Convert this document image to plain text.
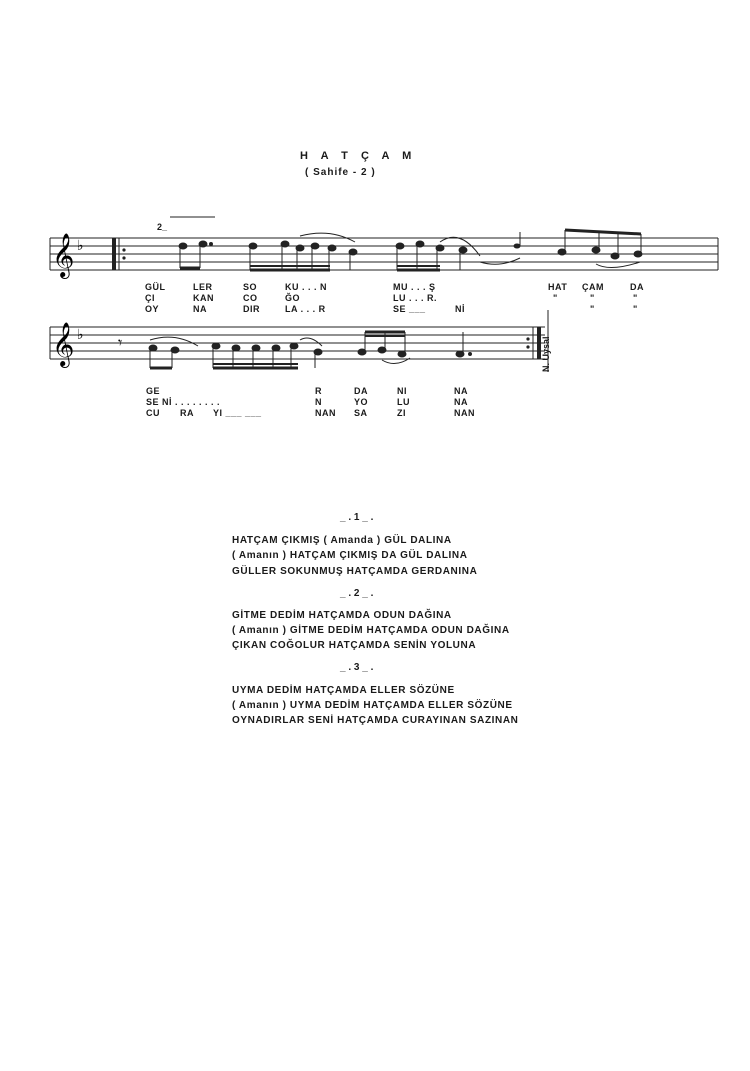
H A T Ç A M
( Sahife - 2 )
2_
𝄞 ♭
𝄞 ♭ 𝄾
GÜL	LER	SO	KU . . . N	MU . . . Ş	HAT ÇAM	DA
ÇI	KAN	CO	ĞO	LU . . . R.	"	"	"
OY	NA	DIR	LA . . . R	SE ___	Nİ	"	"
GE	R	DA	NI	NA
SE Nİ . . . . . . . .	N	YO	LU	NA
CU RA YI ___ ___	NAN SA	ZI	NAN
N. Uysal
_ . 1 _ .
HATÇAM ÇIKMIŞ ( Amanda ) GÜL DALINA
( Amanın ) HATÇAM ÇIKMIŞ DA GÜL DALINA
GÜLLER SOKUNMUŞ HATÇAMDA GERDANINA
_ . 2 _ .
GİTME DEDİM HATÇAMDA ODUN DAĞINA
( Amanın ) GİTME DEDİM HATÇAMDA ODUN DAĞINA
ÇIKAN COĞOLUR HATÇAMDA SENİN YOLUNA
_ . 3 _ .
UYMA DEDİM HATÇAMDA ELLER SÖZÜNE
( Amanın ) UYMA DEDİM HATÇAMDA ELLER SÖZÜNE
OYNADIRLAR SENİ HATÇAMDA CURAYINAN SAZINAN
